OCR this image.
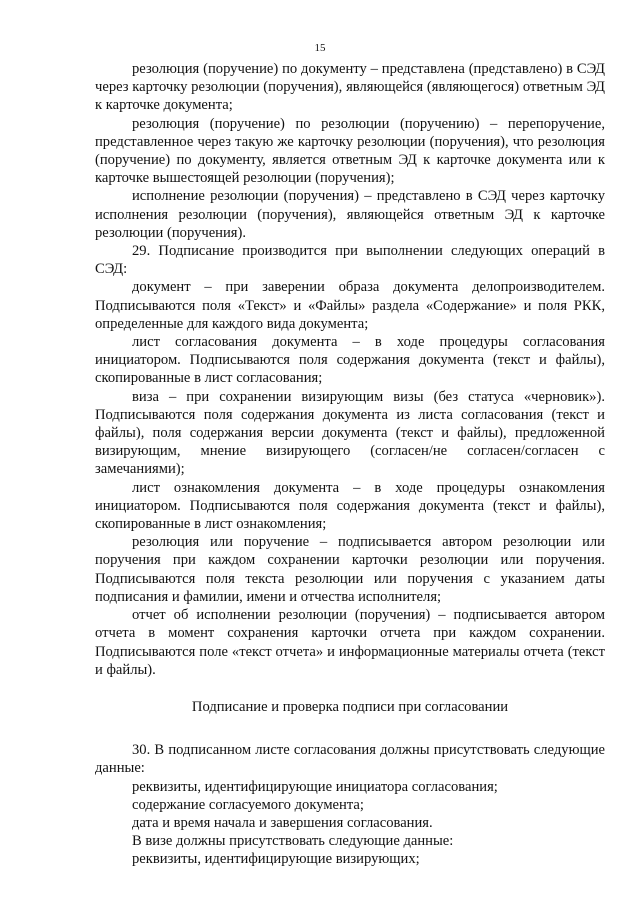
15

резолюция (поручение) по документу – представлена (представлено) в СЭД через карточку резолюции (поручения), являющейся (являющегося) ответным ЭД к карточке документа;

резолюция (поручение) по резолюции (поручению) – перепоручение, представленное через такую же карточку резолюции (поручения), что резолюция (поручение) по документу, является ответным ЭД к карточке документа или к карточке вышестоящей резолюции (поручения);

исполнение резолюции (поручения) – представлено в СЭД через карточку исполнения резолюции (поручения), являющейся ответным ЭД к карточке резолюции (поручения).

29. Подписание производится при выполнении следующих операций в СЭД:

документ – при заверении образа документа делопроизводителем. Подписываются поля «Текст» и «Файлы» раздела «Содержание» и поля РКК, определенные для каждого вида документа;

лист согласования документа – в ходе процедуры согласования инициатором. Подписываются поля содержания документа (текст и файлы), скопированные в лист согласования;

виза – при сохранении визирующим визы (без статуса «черновик»). Подписываются поля содержания документа из листа согласования (текст и файлы), поля содержания версии документа (текст и файлы), предложенной визирующим, мнение визирующего (согласен/не согласен/согласен с замечаниями);

лист ознакомления документа – в ходе процедуры ознакомления инициатором. Подписываются поля содержания документа (текст и файлы), скопированные в лист ознакомления;

резолюция или поручение – подписывается автором резолюции или поручения при каждом сохранении карточки резолюции или поручения. Подписываются поля текста резолюции или поручения с указанием даты подписания и фамилии, имени и отчества исполнителя;

отчет об исполнении резолюции (поручения) – подписывается автором отчета в момент сохранения карточки отчета при каждом сохранении. Подписываются поле «текст отчета» и информационные материалы отчета (текст и файлы).

Подписание и проверка подписи при согласовании

30. В подписанном листе согласования должны присутствовать следующие данные:

реквизиты, идентифицирующие инициатора согласования;

содержание согласуемого документа;

дата и время начала и завершения согласования.

В визе должны присутствовать следующие данные:

реквизиты, идентифицирующие визирующих;
